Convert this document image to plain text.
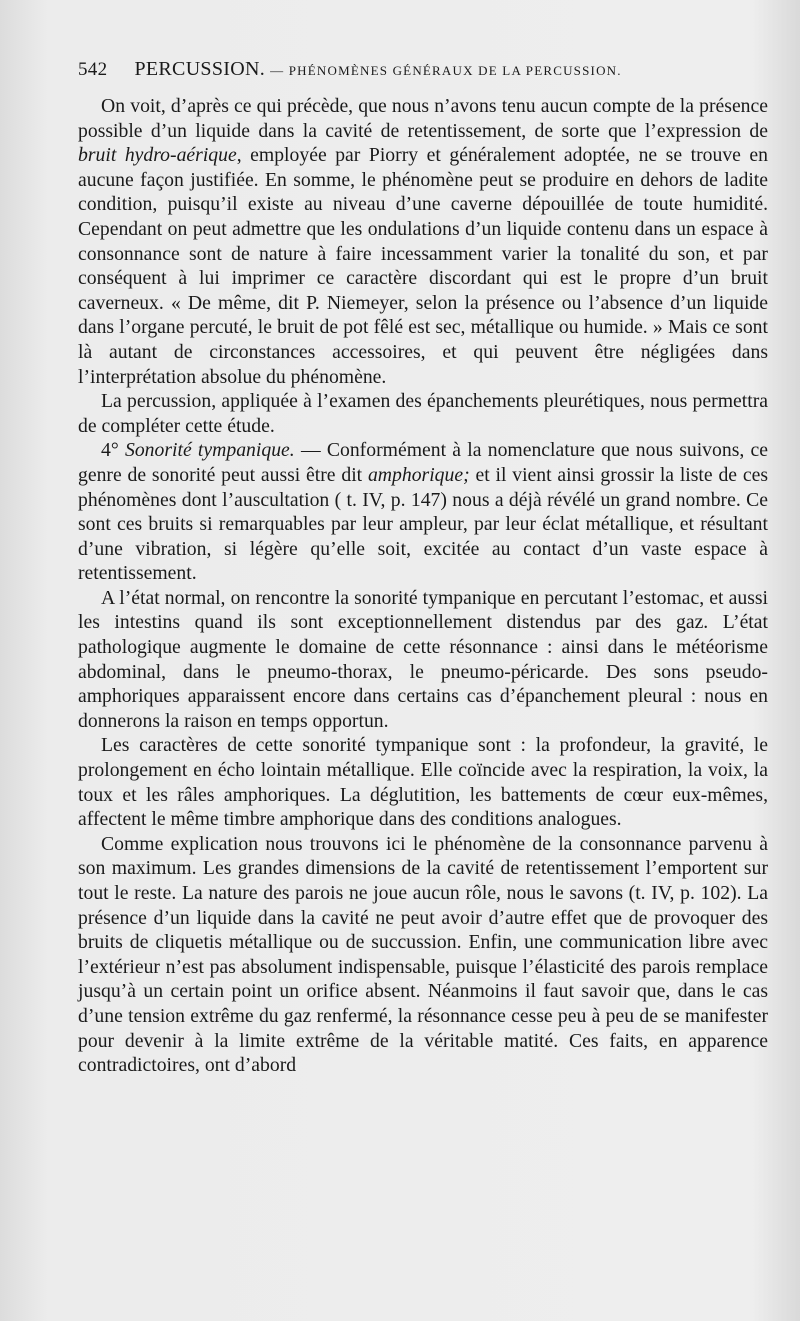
542 PERCUSSION. — PHÉNOMÈNES GÉNÉRAUX DE LA PERCUSSION.

On voit, d’après ce qui précède, que nous n’avons tenu aucun compte de la présence possible d’un liquide dans la cavité de retentissement, de sorte que l’expression de bruit hydro-aérique, employée par Piorry et généralement adoptée, ne se trouve en aucune façon justifiée. En somme, le phénomène peut se produire en dehors de ladite condition, puisqu’il existe au niveau d’une caverne dépouillée de toute humidité. Cependant on peut admettre que les ondulations d’un liquide contenu dans un espace à consonnance sont de nature à faire incessamment varier la tonalité du son, et par conséquent à lui imprimer ce caractère discordant qui est le propre d’un bruit caverneux. « De même, dit P. Niemeyer, selon la présence ou l’absence d’un liquide dans l’organe percuté, le bruit de pot fêlé est sec, métallique ou humide. » Mais ce sont là autant de circonstances accessoires, et qui peuvent être négligées dans l’interprétation absolue du phénomène.

La percussion, appliquée à l’examen des épanchements pleurétiques, nous permettra de compléter cette étude.

4° Sonorité tympanique. — Conformément à la nomenclature que nous suivons, ce genre de sonorité peut aussi être dit amphorique; et il vient ainsi grossir la liste de ces phénomènes dont l’auscultation ( t. IV, p. 147) nous a déjà révélé un grand nombre. Ce sont ces bruits si remarquables par leur ampleur, par leur éclat métallique, et résultant d’une vibration, si légère qu’elle soit, excitée au contact d’un vaste espace à retentissement.

A l’état normal, on rencontre la sonorité tympanique en percutant l’estomac, et aussi les intestins quand ils sont exceptionnellement distendus par des gaz. L’état pathologique augmente le domaine de cette résonnance : ainsi dans le météorisme abdominal, dans le pneumo-thorax, le pneumo-péricarde. Des sons pseudo-amphoriques apparaissent encore dans certains cas d’épanchement pleural : nous en donnerons la raison en temps opportun.

Les caractères de cette sonorité tympanique sont : la profondeur, la gravité, le prolongement en écho lointain métallique. Elle coïncide avec la respiration, la voix, la toux et les râles amphoriques. La déglutition, les battements de cœur eux-mêmes, affectent le même timbre amphorique dans des conditions analogues.

Comme explication nous trouvons ici le phénomène de la consonnance parvenu à son maximum. Les grandes dimensions de la cavité de retentissement l’emportent sur tout le reste. La nature des parois ne joue aucun rôle, nous le savons (t. IV, p. 102). La présence d’un liquide dans la cavité ne peut avoir d’autre effet que de provoquer des bruits de cliquetis métallique ou de succussion. Enfin, une communication libre avec l’extérieur n’est pas absolument indispensable, puisque l’élasticité des parois remplace jusqu’à un certain point un orifice absent. Néanmoins il faut savoir que, dans le cas d’une tension extrême du gaz renfermé, la résonnance cesse peu à peu de se manifester pour devenir à la limite extrême de la véritable matité. Ces faits, en apparence contradictoires, ont d’abord
